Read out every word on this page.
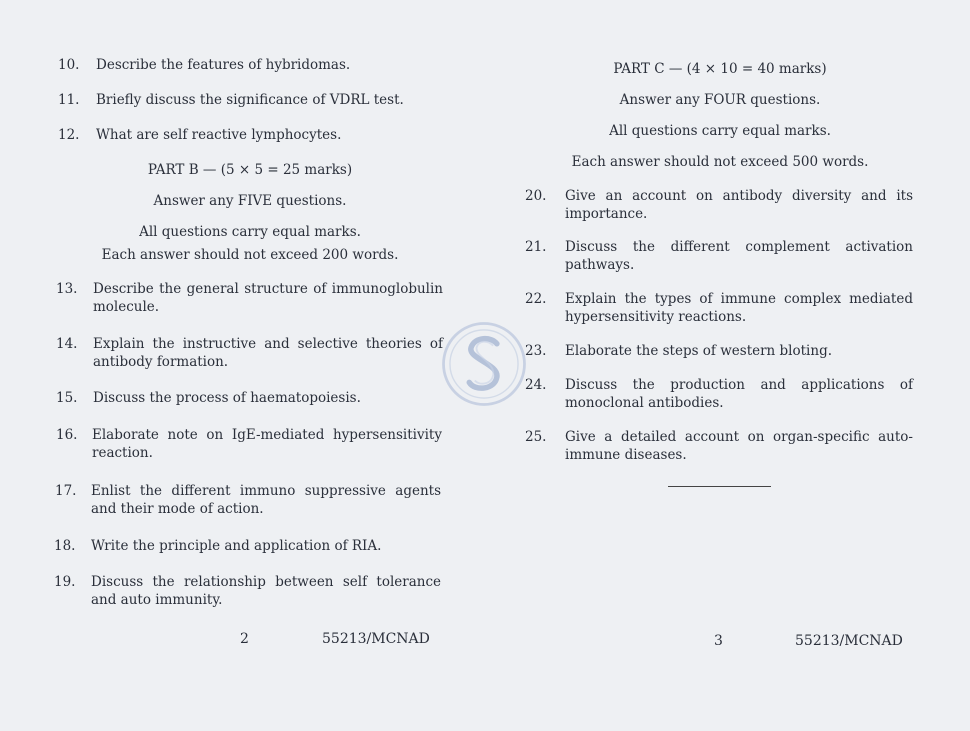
10. Describe the features of hybridomas.
11. Briefly discuss the significance of VDRL test.
12. What are self reactive lymphocytes.
PART B — (5 × 5 = 25 marks)
Answer any FIVE questions.
All questions carry equal marks.
Each answer should not exceed 200 words.
13. Describe the general structure of immunoglobulin molecule.
14. Explain the instructive and selective theories of antibody formation.
15. Discuss the process of haematopoiesis.
16. Elaborate note on IgE-mediated hypersensitivity reaction.
17. Enlist the different immuno suppressive agents and their mode of action.
18. Write the principle and application of RIA.
19. Discuss the relationship between self tolerance and auto immunity.
2	55213/MCNAD
PART C — (4 × 10 = 40 marks)
Answer any FOUR questions.
All questions carry equal marks.
Each answer should not exceed 500 words.
20. Give an account on antibody diversity and its importance.
21. Discuss the different complement activation pathways.
22. Explain the types of immune complex mediated hypersensitivity reactions.
23. Elaborate the steps of western bloting.
24. Discuss the production and applications of monoclonal antibodies.
25. Give a detailed account on organ-specific auto-immune diseases.
3	55213/MCNAD
